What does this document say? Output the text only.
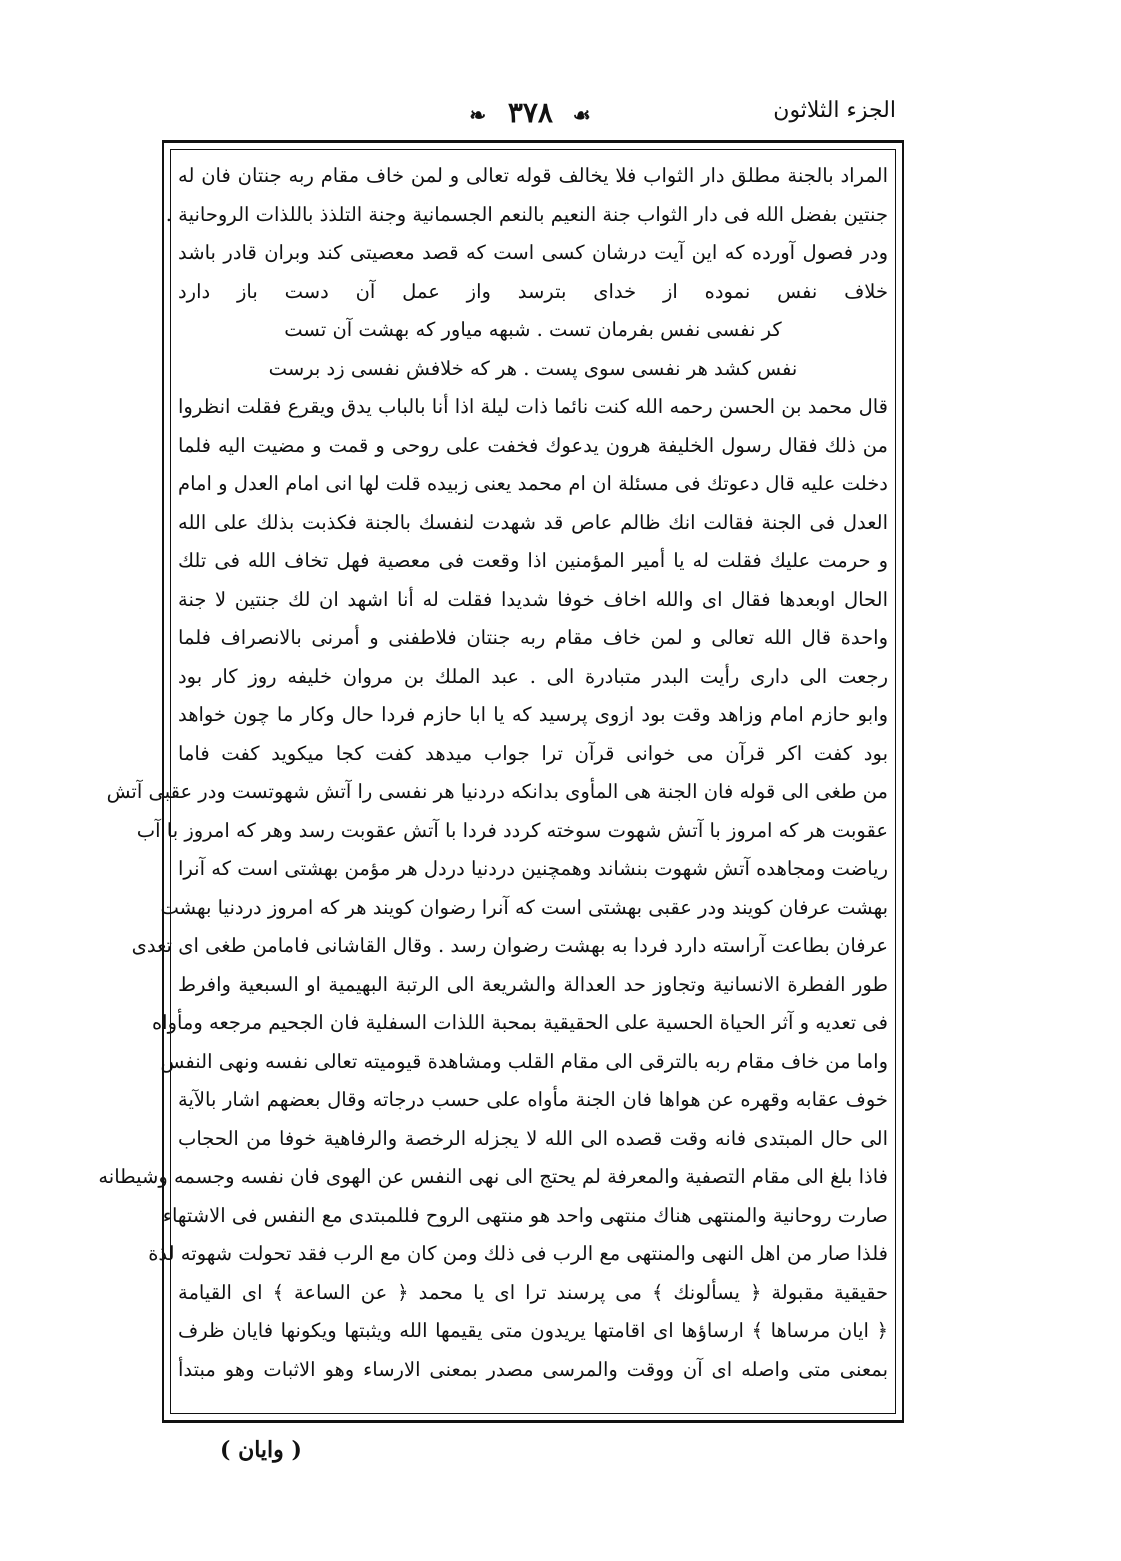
الجزء الثلاثون
❧ ٣٧٨ ☙
المراد بالجنة مطلق دار الثواب فلا يخالف قوله تعالى و لمن خاف مقام ربه جنتان فان له
جنتين بفضل الله فى دار الثواب جنة النعيم بالنعم الجسمانية وجنة التلذذ باللذات الروحانية .
ودر فصول آورده كه اين آيت درشان كسى است كه قصد معصيتى كند وبران قادر باشد
خلاف نفس نموده از خداى بترسد واز عمل آن دست باز دارد
كر نفسى نفس بفرمان تست . شبهه مياور كه بهشت آن تست
نفس كشد هر نفسى سوى پست . هر كه خلافش نفسى زد برست
قال محمد بن الحسن رحمه الله كنت نائما ذات ليلة اذا أنا بالباب يدق ويقرع فقلت انظروا
من ذلك فقال رسول الخليفة هرون يدعوك فخفت على روحى و قمت و مضيت اليه فلما
دخلت عليه قال دعوتك فى مسئلة ان ام محمد يعنى زبيده قلت لها انى امام العدل و امام
العدل فى الجنة فقالت انك ظالم عاص قد شهدت لنفسك بالجنة فكذبت بذلك على الله
و حرمت عليك فقلت له يا أمير المؤمنين اذا وقعت فى معصية فهل تخاف الله فى تلك
الحال اوبعدها فقال اى والله اخاف خوفا شديدا فقلت له أنا اشهد ان لك جنتين لا جنة
واحدة قال الله تعالى و لمن خاف مقام ربه جنتان فلاطفنى و أمرنى بالانصراف فلما
رجعت الى دارى رأيت البدر متبادرة الى . عبد الملك بن مروان خليفه روز كار بود
وابو حازم امام وزاهد وقت بود ازوى پرسيد كه يا ابا حازم فردا حال وكار ما چون خواهد
بود كفت اكر قرآن مى خوانى قرآن ترا جواب ميدهد كفت كجا ميكويد كفت فاما
من طغى الى قوله فان الجنة هى المأوى بدانكه دردنيا هر نفسى را آتش شهوتست ودر عقبى آتش
عقوبت هر كه امروز با آتش شهوت سوخته كردد فردا با آتش عقوبت رسد وهر كه امروز با آب
رياضت ومجاهده آتش شهوت بنشاند وهمچنين دردنيا دردل هر مؤمن بهشتى است كه آنرا
بهشت عرفان كويند ودر عقبى بهشتى است كه آنرا رضوان كويند هر كه امروز دردنيا بهشت
عرفان بطاعت آراسته دارد فردا به بهشت رضوان رسد . وقال القاشانى فامامن طغى اى تعدى
طور الفطرة الانسانية وتجاوز حد العدالة والشريعة الى الرتبة البهيمية او السبعية وافرط
فى تعديه و آثر الحياة الحسية على الحقيقية بمحبة اللذات السفلية فان الجحيم مرجعه ومأواه
واما من خاف مقام ربه بالترقى الى مقام القلب ومشاهدة قيوميته تعالى نفسه ونهى النفس
خوف عقابه وقهره عن هواها فان الجنة مأواه على حسب درجاته وقال بعضهم اشار بالآية
الى حال المبتدى فانه وقت قصده الى الله لا يجزله الرخصة والرفاهية خوفا من الحجاب
فاذا بلغ الى مقام التصفية والمعرفة لم يحتج الى نهى النفس عن الهوى فان نفسه وجسمه وشيطانه
صارت روحانية والمنتهى هناك منتهى واحد هو منتهى الروح فللمبتدى مع النفس فى الاشتهاء
فلذا صار من اهل النهى والمنتهى مع الرب فى ذلك ومن كان مع الرب فقد تحولت شهوته لذة
حقيقية مقبولة ﴿ يسألونك ﴾ مى پرسند ترا اى يا محمد ﴿ عن الساعة ﴾ اى القيامة
﴿ ايان مرساها ﴾ ارساؤها اى اقامتها يريدون متى يقيمها الله ويثبتها ويكونها فايان ظرف
بمعنى متى واصله اى آن ووقت والمرسى مصدر بمعنى الارساء وهو الاثبات وهو مبتدأ
( وايان )
